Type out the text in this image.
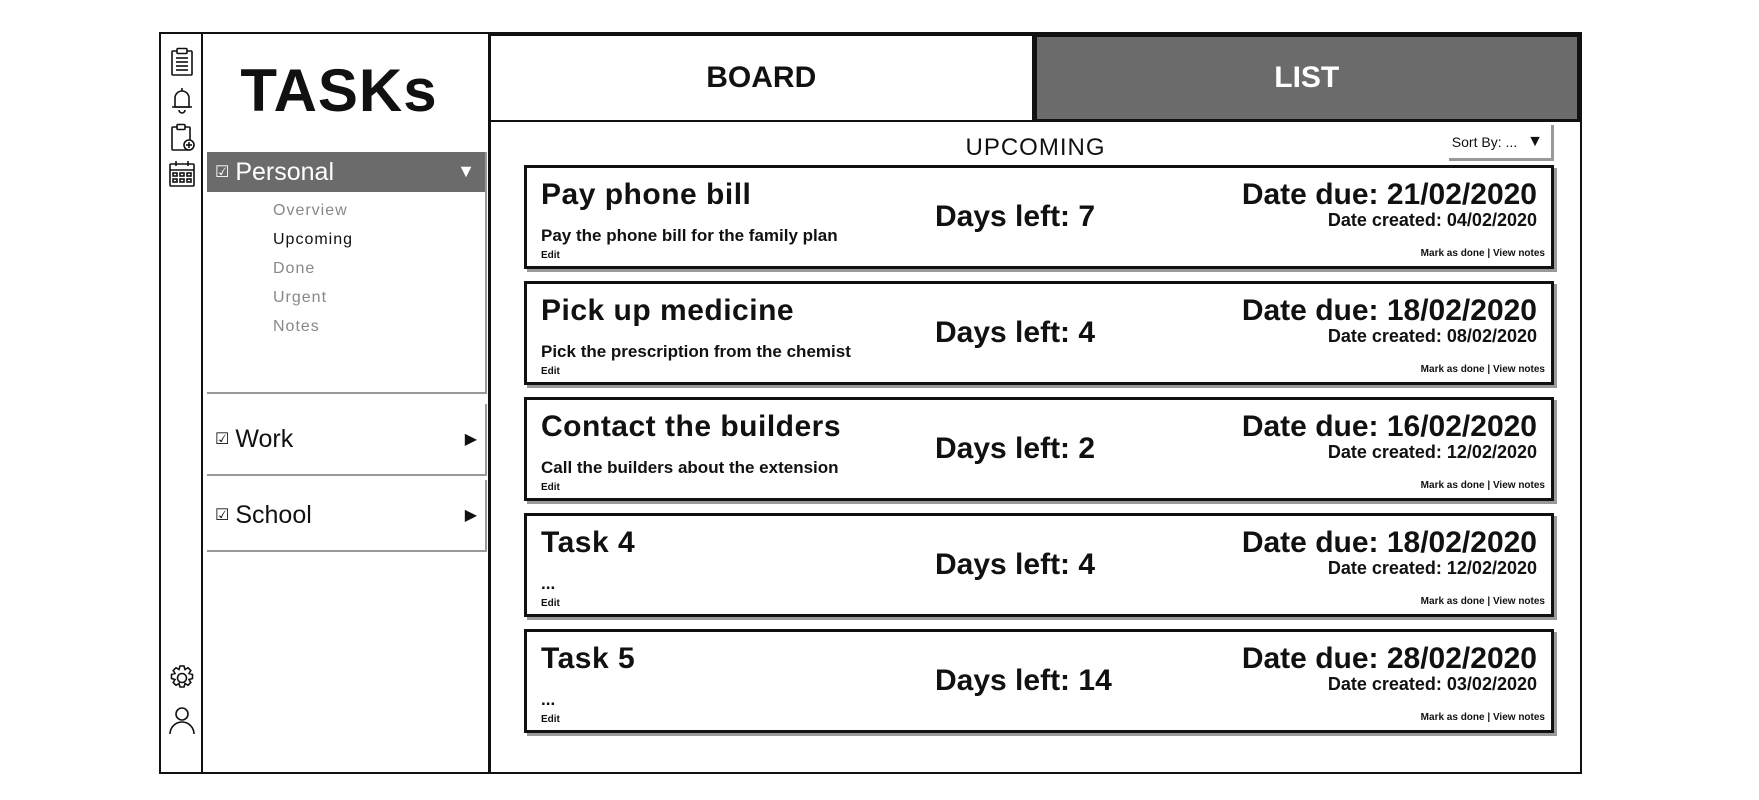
TASKs
☑ Personal	▼
Overview
Upcoming
Done
Urgent
Notes
☑ Work	▶
☑ School	▶
BOARD	LIST
UPCOMING	Sort By: ... ▼
Pay phone bill
Pay the phone bill for the family plan
Edit
Days left: 7
Date due: 21/02/2020
Date created: 04/02/2020
Mark as done | View notes
Pick up medicine
Pick the prescription from the chemist
Edit
Days left: 4
Date due: 18/02/2020
Date created: 08/02/2020
Mark as done | View notes
Contact the builders
Call the builders about the extension
Edit
Days left: 2
Date due: 16/02/2020
Date created: 12/02/2020
Mark as done | View notes
Task 4
...
Edit
Days left: 4
Date due: 18/02/2020
Date created: 12/02/2020
Mark as done | View notes
Task 5
...
Edit
Days left: 14
Date due: 28/02/2020
Date created: 03/02/2020
Mark as done | View notes
